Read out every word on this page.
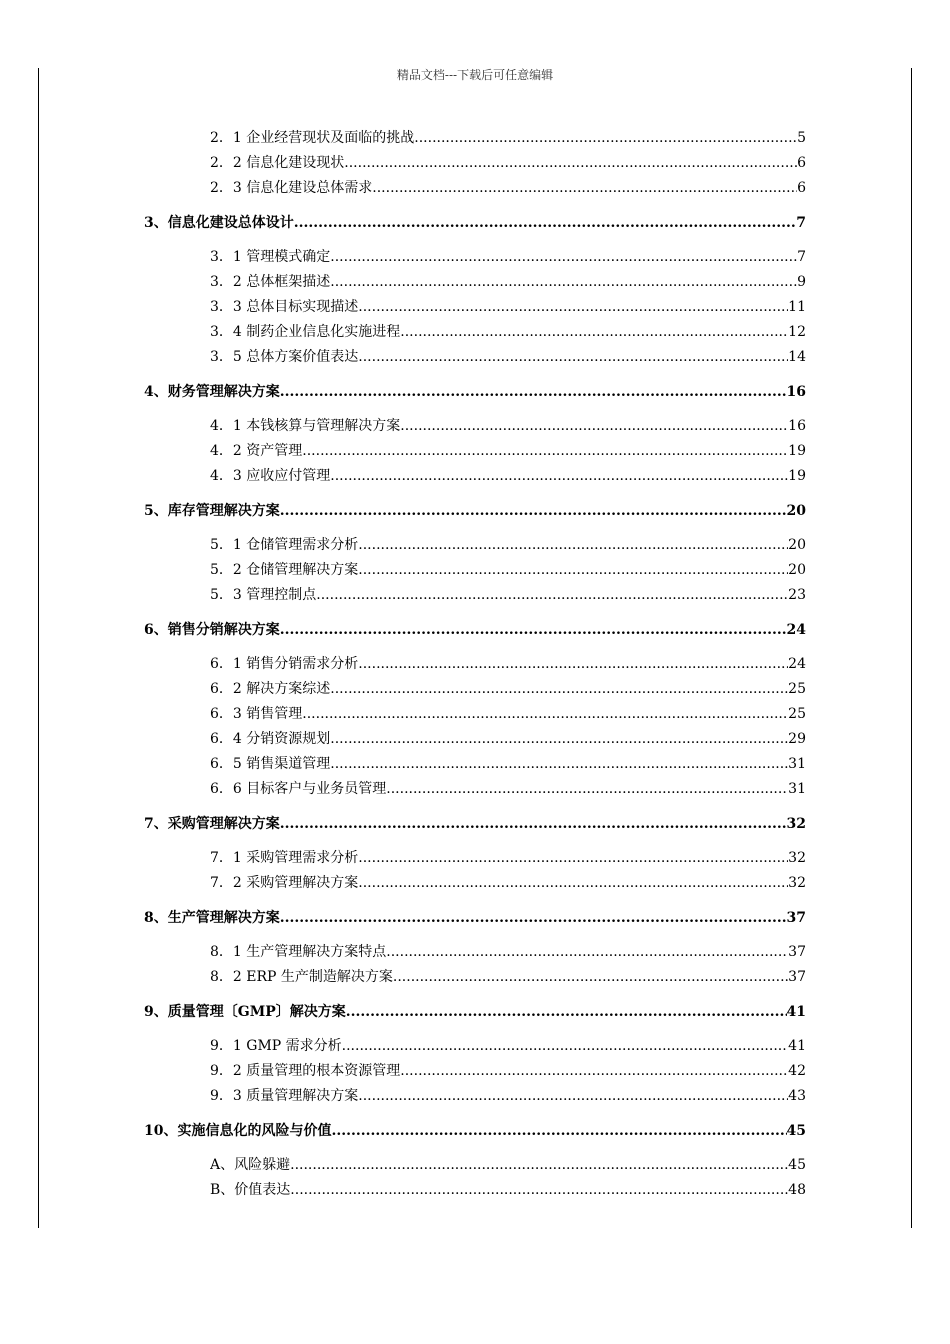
精品文档---下载后可任意编辑
2．1 企业经营现状及面临的挑战 .....	5
2．2 信息化建设现状 .....	6
2．3 信息化建设总体需求 .....	6
3、信息化建设总体设计 .....	7
3．1 管理模式确定 .....	7
3．2 总体框架描述 .....	9
3．3 总体目标实现描述 .....	11
3．4 制药企业信息化实施进程 .....	12
3．5 总体方案价值表达 .....	14
4、财务管理解决方案 .....	16
4．1 本钱核算与管理解决方案 .....	16
4．2 资产管理 .....	19
4．3 应收应付管理 .....	19
5、库存管理解决方案 .....	20
5．1 仓储管理需求分析 .....	20
5．2 仓储管理解决方案 .....	20
5．3 管理控制点 .....	23
6、销售分销解决方案 .....	24
6．1 销售分销需求分析 .....	24
6．2 解决方案综述 .....	25
6．3 销售管理 .....	25
6．4 分销资源规划 .....	29
6．5 销售渠道管理 .....	31
6．6 目标客户与业务员管理 .....	31
7、采购管理解决方案 .....	32
7．1 采购管理需求分析 .....	32
7．2 采购管理解决方案 .....	32
8、生产管理解决方案 .....	37
8．1 生产管理解决方案特点 .....	37
8．2 ERP 生产制造解决方案 .....	37
9、质量管理〔GMP〕解决方案 .....	41
9．1 GMP 需求分析 .....	41
9．2 质量管理的根本资源管理 .....	42
9．3 质量管理解决方案 .....	43
10、实施信息化的风险与价值 .....	45
A、风险躲避 .....	45
B、价值表达 .....	48
